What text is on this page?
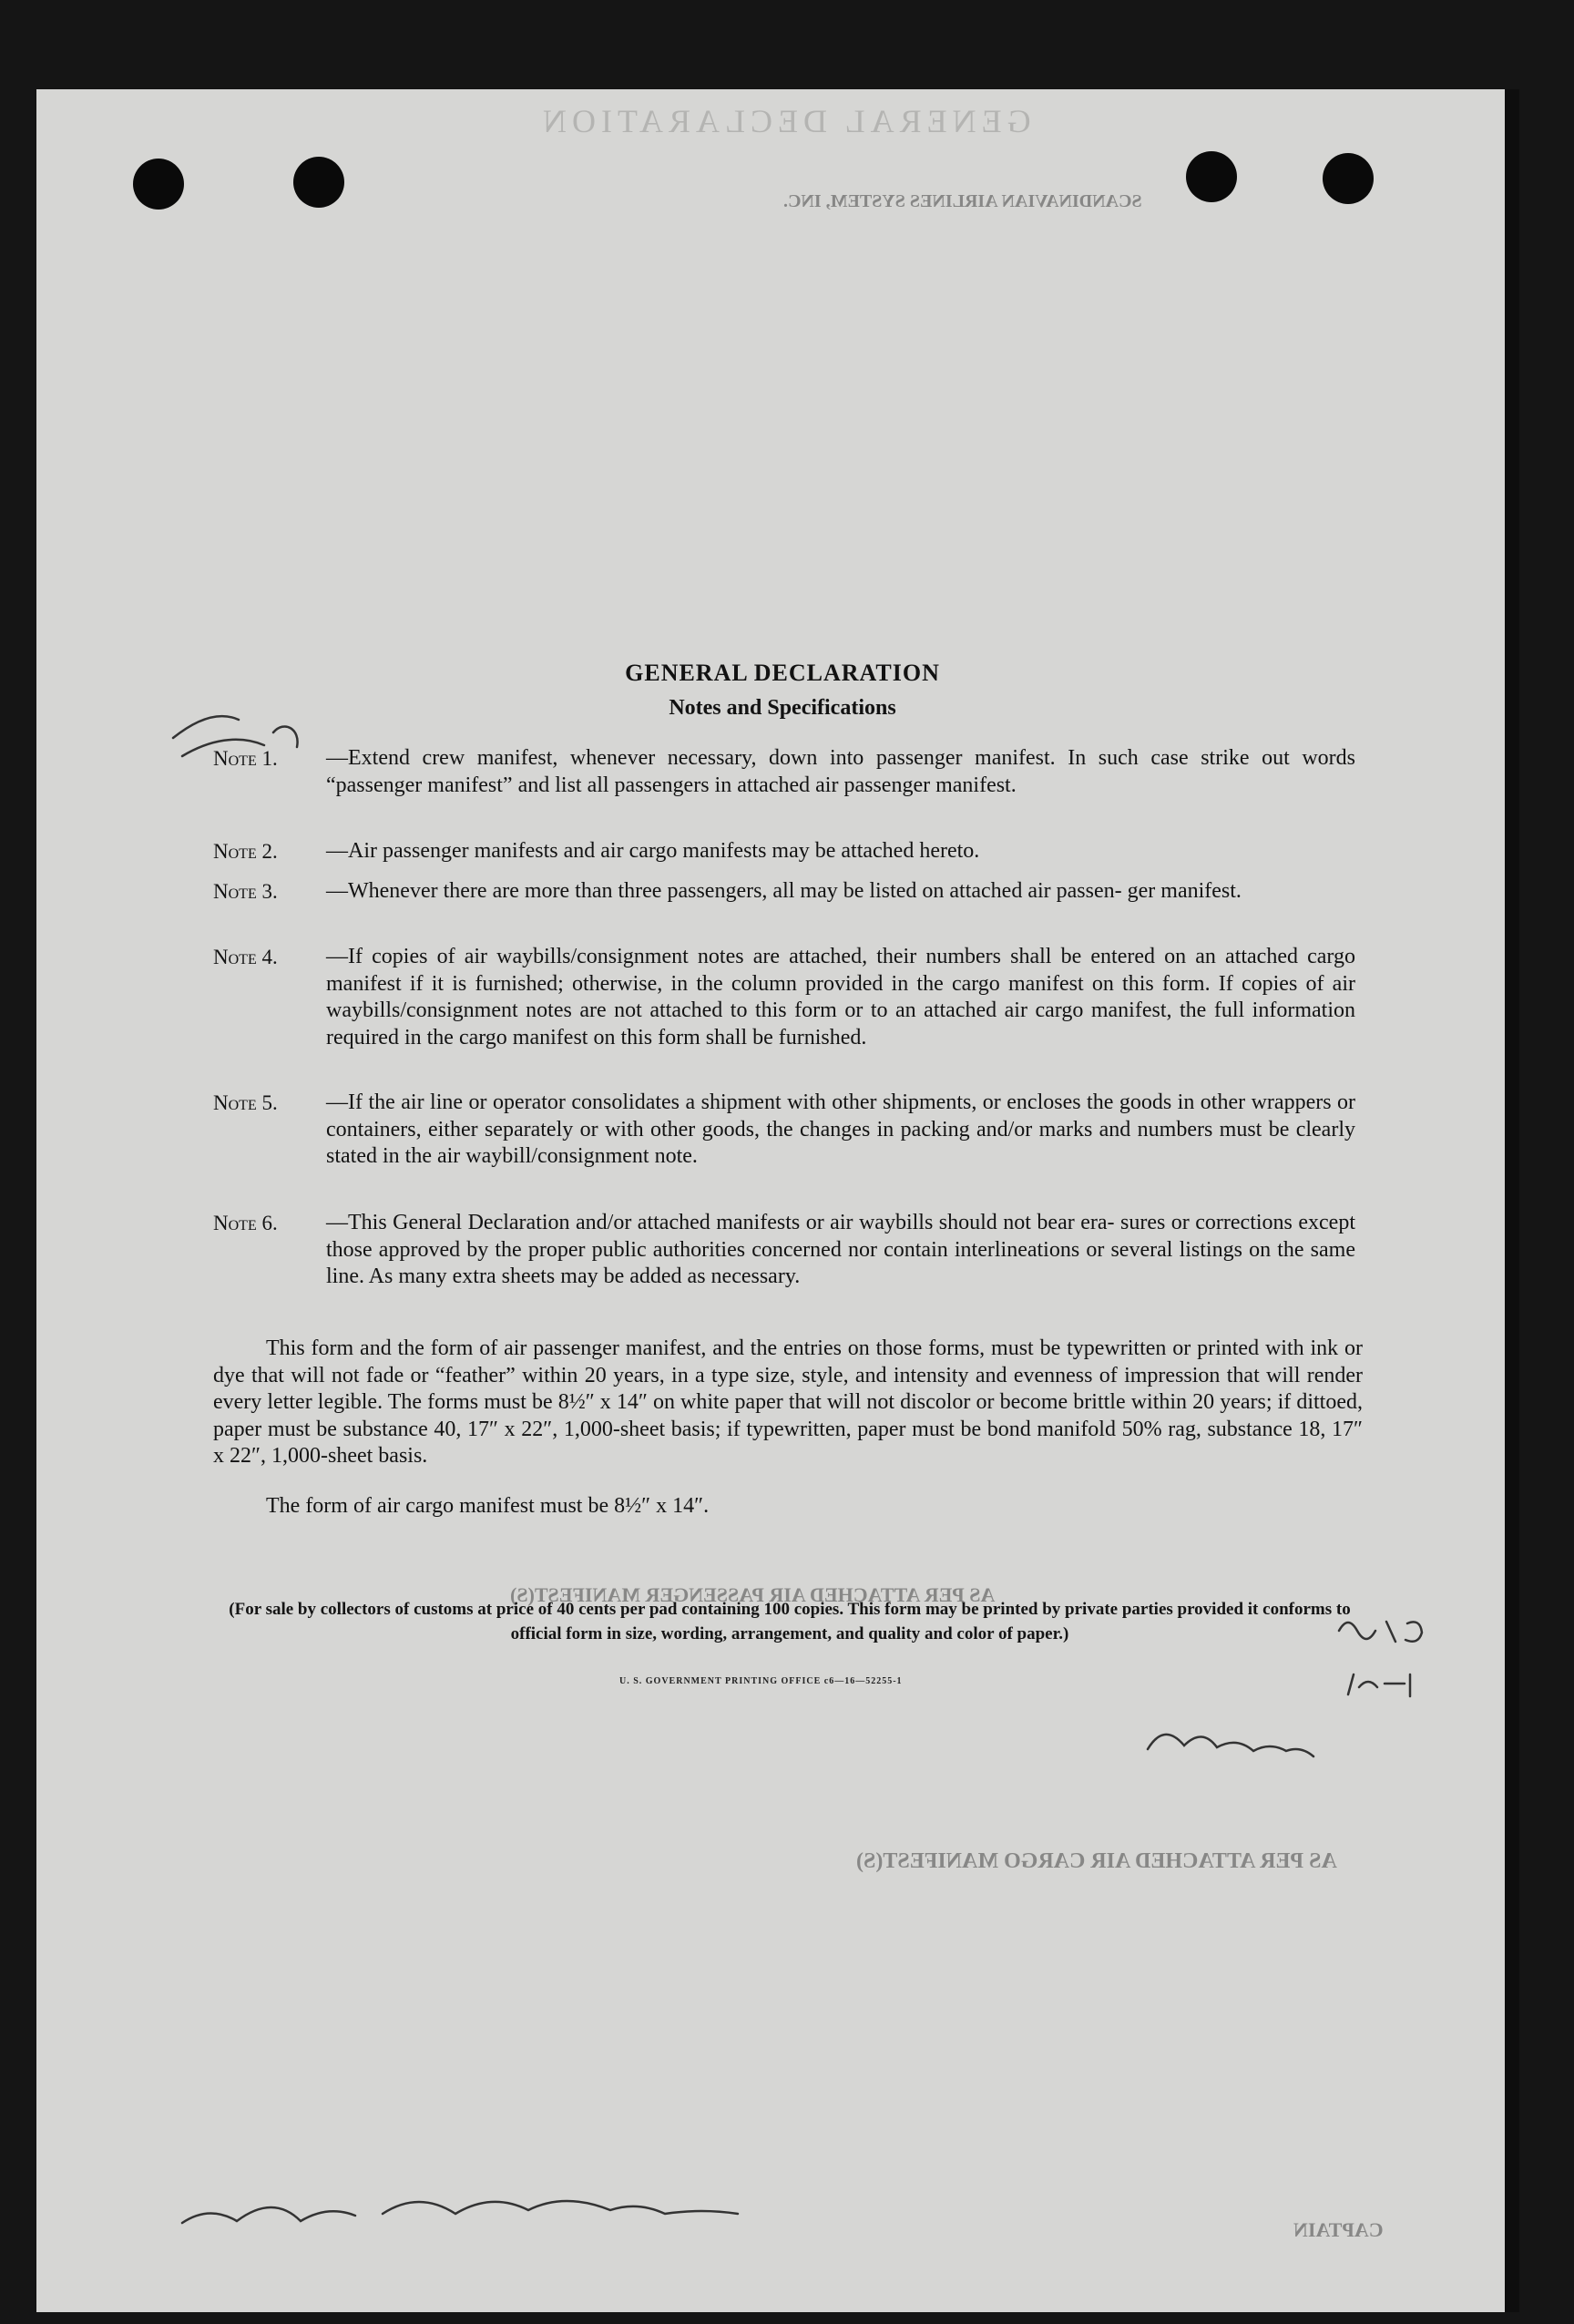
GENERAL DECLARATION
SCANDINAVIAN AIRLINES SYSTEM, INC.
AS PER ATTACHED AIR PASSENGER MANIFEST(S)
AS PER ATTACHED AIR CARGO MANIFEST(S)
CAPTAIN
GENERAL DECLARATION
Notes and Specifications
Note 1. —Extend crew manifest, whenever necessary, down into passenger manifest. In such case strike out words “passenger manifest” and list all passengers in attached air passenger manifest.
Note 2. —Air passenger manifests and air cargo manifests may be attached hereto.
Note 3. —Whenever there are more than three passengers, all may be listed on attached air passen- ger manifest.
Note 4. —If copies of air waybills/consignment notes are attached, their numbers shall be entered on an attached cargo manifest if it is furnished; otherwise, in the column provided in the cargo manifest on this form. If copies of air waybills/consignment notes are not attached to this form or to an attached air cargo manifest, the full information required in the cargo manifest on this form shall be furnished.
Note 5. —If the air line or operator consolidates a shipment with other shipments, or encloses the goods in other wrappers or containers, either separately or with other goods, the changes in packing and/or marks and numbers must be clearly stated in the air waybill/consignment note.
Note 6. —This General Declaration and/or attached manifests or air waybills should not bear era- sures or corrections except those approved by the proper public authorities concerned nor contain interlineations or several listings on the same line. As many extra sheets may be added as necessary.
This form and the form of air passenger manifest, and the entries on those forms, must be typewritten or printed with ink or dye that will not fade or “feather” within 20 years, in a type size, style, and intensity and evenness of impression that will render every letter legible. The forms must be 8½″ x 14″ on white paper that will not discolor or become brittle within 20 years; if dittoed, paper must be substance 40, 17″ x 22″, 1,000-sheet basis; if typewritten, paper must be bond manifold 50% rag, substance 18, 17″ x 22″, 1,000-sheet basis.
The form of air cargo manifest must be 8½″ x 14″.
(For sale by collectors of customs at price of 40 cents per pad containing 100 copies. This form may be printed by private parties provided it conforms to official form in size, wording, arrangement, and quality and color of paper.)
U. S. GOVERNMENT PRINTING OFFICE c6—16—52255-1
